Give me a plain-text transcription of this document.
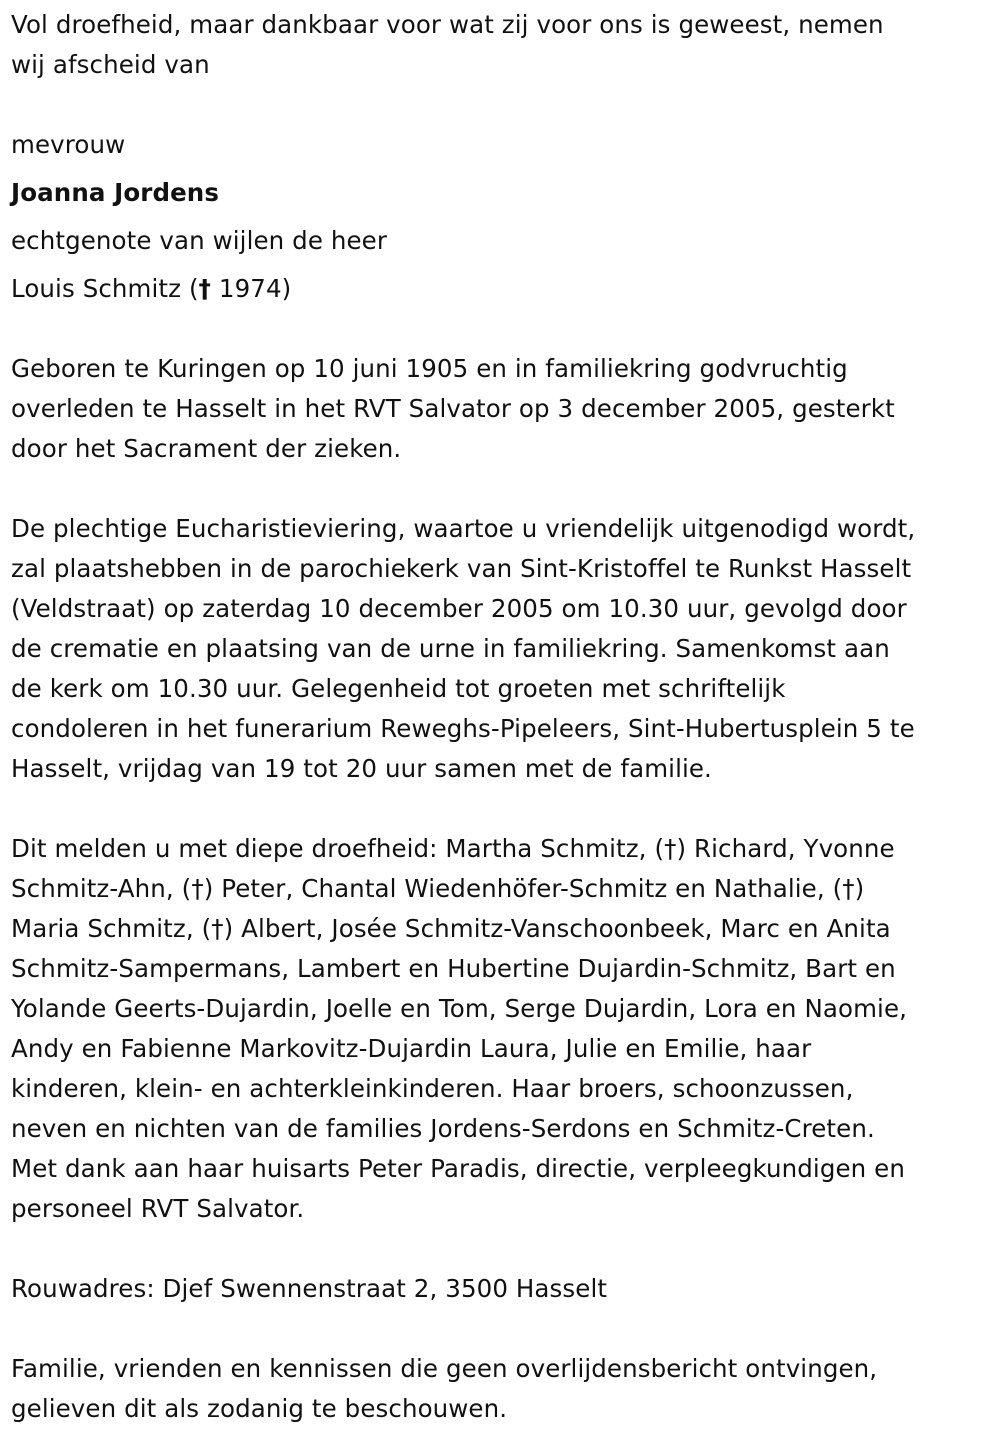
Vol droefheid, maar dankbaar voor wat zij voor ons is geweest, nemen
wij afscheid van

mevrouw

Joanna Jordens

echtgenote van wijlen de heer

Louis Schmitz († 1974)

Geboren te Kuringen op 10 juni 1905 en in familiekring godvruchtig
overleden te Hasselt in het RVT Salvator op 3 december 2005, gesterkt
door het Sacrament der zieken.

De plechtige Eucharistieviering, waartoe u vriendelijk uitgenodigd wordt,
zal plaatshebben in de parochiekerk van Sint-Kristoffel te Runkst Hasselt
(Veldstraat) op zaterdag 10 december 2005 om 10.30 uur, gevolgd door
de crematie en plaatsing van de urne in familiekring. Samenkomst aan
de kerk om 10.30 uur. Gelegenheid tot groeten met schriftelijk
condoleren in het funerarium Reweghs-Pipeleers, Sint-Hubertusplein 5 te
Hasselt, vrijdag van 19 tot 20 uur samen met de familie.

Dit melden u met diepe droefheid: Martha Schmitz, (†) Richard, Yvonne
Schmitz-Ahn, (†) Peter, Chantal Wiedenhöfer-Schmitz en Nathalie, (†)
Maria Schmitz, (†) Albert, Josée Schmitz-Vanschoonbeek, Marc en Anita
Schmitz-Sampermans, Lambert en Hubertine Dujardin-Schmitz, Bart en
Yolande Geerts-Dujardin, Joelle en Tom, Serge Dujardin, Lora en Naomie,
Andy en Fabienne Markovitz-Dujardin Laura, Julie en Emilie, haar
kinderen, klein- en achterkleinkinderen. Haar broers, schoonzussen,
neven en nichten van de families Jordens-Serdons en Schmitz-Creten.
Met dank aan haar huisarts Peter Paradis, directie, verpleegkundigen en
personeel RVT Salvator.

Rouwadres: Djef Swennenstraat 2, 3500 Hasselt

Familie, vrienden en kennissen die geen overlijdensbericht ontvingen,
gelieven dit als zodanig te beschouwen.
